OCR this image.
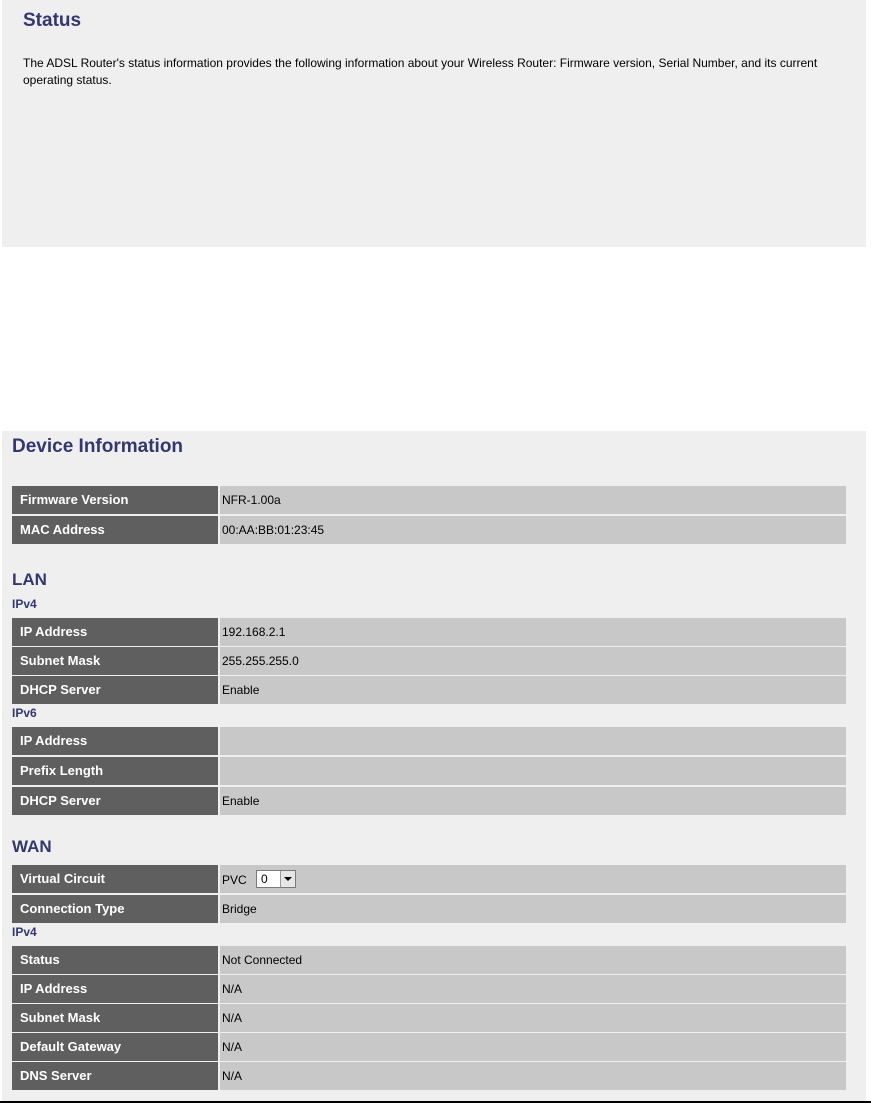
Status

The ADSL Router's status information provides the following information about your Wireless Router: Firmware version, Serial Number, and its current operating status.

Device Information
Firmware Version	NFR-1.00a
MAC Address	00:AA:BB:01:23:45
LAN
IPv4
IP Address	192.168.2.1
Subnet Mask	255.255.255.0
DHCP Server	Enable
IPv6
IP Address
Prefix Length
DHCP Server	Enable
WAN
Virtual Circuit	PVC 0
Connection Type	Bridge
IPv4
Status	Not Connected
IP Address	N/A
Subnet Mask	N/A
Default Gateway	N/A
DNS Server	N/A
